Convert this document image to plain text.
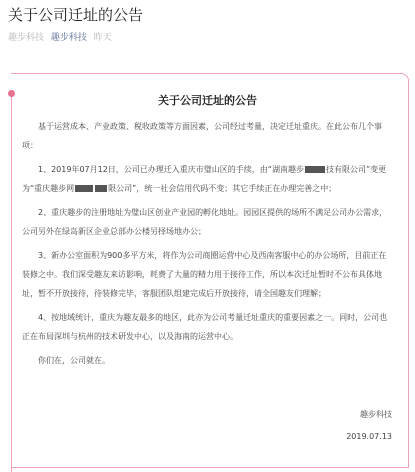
关于公司迁址的公告
趣步科技 趣步科技 昨天
关于公司迁址的公告

基于运营成本、产业政策、税收政策等方面因素，公司经过考量，决定迁址重庆。在此公布几个事项：

1、2019年07月12日，公司已办理迁入重庆市璧山区的手续，由“湖南趣步	技有限公司”变更为“重庆趣步网	限公司”，统一社会信用代码不变；其它手续正在办理完善之中；

2、重庆趣步的注册地址为璧山区创业产业园的孵化地址。园园区提供的场所不满足公司办公需求，公司另外在绿岛新区企业总部办公楼另择场地办公；

3、新办公室面积为900多平方米，将作为公司商圈运营中心及西南客服中心的办公场所，目前正在装修之中。我们深受趣友来访影响，耗费了大量的精力用于接待工作，所以本次迁址暂时不公布具体地址，暂不开放接待，待装修完毕，客服团队组建完成后开放接待，请全国趣友们理解；

4、按地域统计，重庆为趣友最多的地区，此亦为公司考量迁址重庆的重要因素之一。同时，公司也正在布局深圳与杭州的技术研发中心，以及海南的运营中心。

你们在，公司就在。

趣步科技
2019.07.13
